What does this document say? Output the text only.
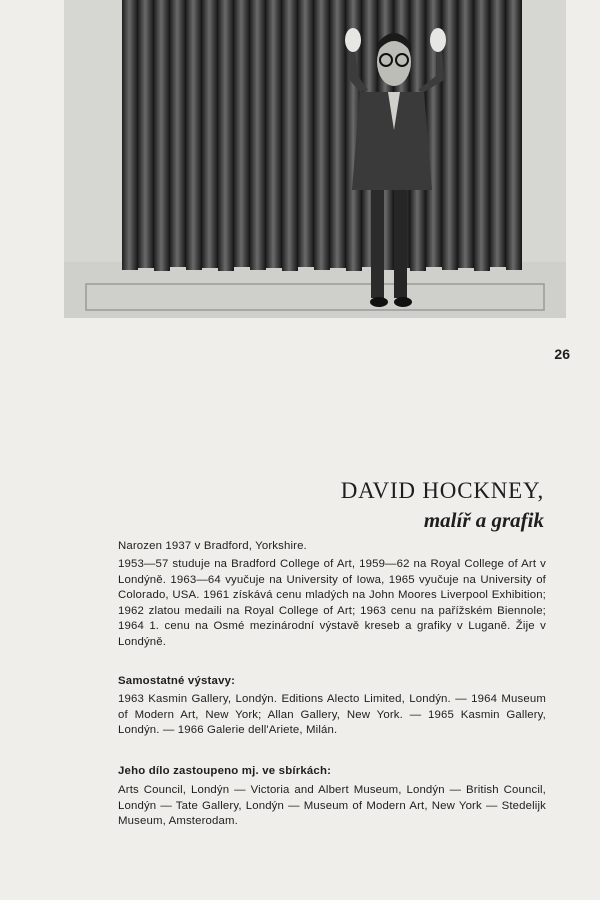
26

DAVID HOCKNEY,
malíř a grafik

Narozen 1937 v Bradford, Yorkshire.

1953—57 studuje na Bradford College of Art, 1959—62 na Royal College of Art v Londýně. 1963—64 vyučuje na University of Iowa, 1965 vyučuje na University of Colorado, USA. 1961 získává cenu mladých na John Moores Liverpool Exhibition; 1962 zlatou medaili na Royal College of Art; 1963 cenu na pařížském Biennole; 1964 1. cenu na Osmé mezinárodní výstavě kreseb a grafiky v Luganě. Žije v Londýně.

Samostatné výstavy:

1963 Kasmin Gallery, Londýn. Editions Alecto Limited, Londýn. — 1964 Museum of Modern Art, New York; Allan Gallery, New York. — 1965 Kasmin Gallery, Londýn. — 1966 Galerie dell'Ariete, Milán.

Jeho dílo zastoupeno mj. ve sbírkách:

Arts Council, Londýn — Victoria and Albert Museum, Londýn — British Council, Londýn — Tate Gallery, Londýn — Museum of Modern Art, New York — Stedelijk Museum, Amsterodam.
